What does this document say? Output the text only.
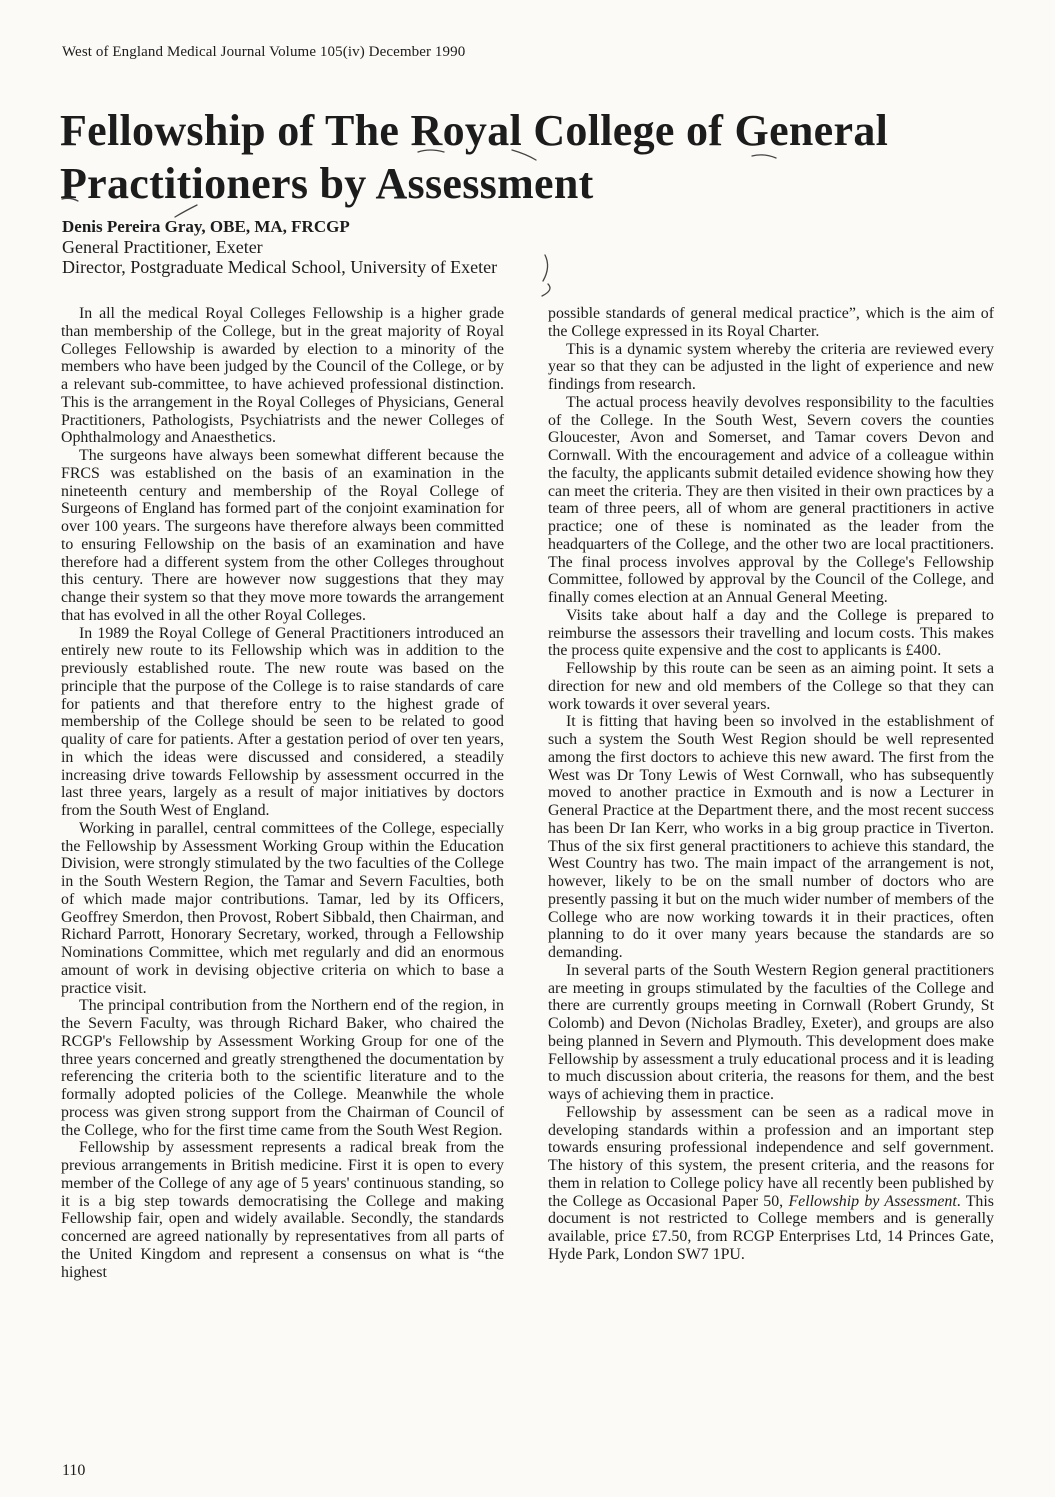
West of England Medical Journal Volume 105(iv) December 1990
Fellowship of The Royal College of General
Practitioners by Assessment
Denis Pereira Gray, OBE, MA, FRCGP
General Practitioner, Exeter
Director, Postgraduate Medical School, University of Exeter

In all the medical Royal Colleges Fellowship is a higher grade than membership of the College, but in the great majority of Royal Colleges Fellowship is awarded by election to a minority of the members who have been judged by the Council of the College, or by a relevant sub-committee, to have achieved professional distinction. This is the arrangement in the Royal Colleges of Physicians, General Practitioners, Pathologists, Psychiatrists and the newer Colleges of Ophthalmology and Anaesthetics.

The surgeons have always been somewhat different because the FRCS was established on the basis of an examination in the nineteenth century and membership of the Royal College of Surgeons of England has formed part of the conjoint examination for over 100 years. The surgeons have therefore always been committed to ensuring Fellowship on the basis of an examination and have therefore had a different system from the other Colleges throughout this century. There are however now suggestions that they may change their system so that they move more towards the arrangement that has evolved in all the other Royal Colleges.

In 1989 the Royal College of General Practitioners introduced an entirely new route to its Fellowship which was in addition to the previously established route. The new route was based on the principle that the purpose of the College is to raise standards of care for patients and that therefore entry to the highest grade of membership of the College should be seen to be related to good quality of care for patients. After a gestation period of over ten years, in which the ideas were discussed and considered, a steadily increasing drive towards Fellowship by assessment occurred in the last three years, largely as a result of major initiatives by doctors from the South West of England.

Working in parallel, central committees of the College, especially the Fellowship by Assessment Working Group within the Education Division, were strongly stimulated by the two faculties of the College in the South Western Region, the Tamar and Severn Faculties, both of which made major contributions. Tamar, led by its Officers, Geoffrey Smerdon, then Provost, Robert Sibbald, then Chairman, and Richard Parrott, Honorary Secretary, worked, through a Fellowship Nominations Committee, which met regularly and did an enormous amount of work in devising objective criteria on which to base a practice visit.

The principal contribution from the Northern end of the region, in the Severn Faculty, was through Richard Baker, who chaired the RCGP's Fellowship by Assessment Working Group for one of the three years concerned and greatly strengthened the documentation by referencing the criteria both to the scientific literature and to the formally adopted policies of the College. Meanwhile the whole process was given strong support from the Chairman of Council of the College, who for the first time came from the South West Region.

Fellowship by assessment represents a radical break from the previous arrangements in British medicine. First it is open to every member of the College of any age of 5 years' continuous standing, so it is a big step towards democratising the College and making Fellowship fair, open and widely available. Secondly, the standards concerned are agreed nationally by representatives from all parts of the United Kingdom and represent a consensus on what is “the highest

possible standards of general medical practice”, which is the aim of the College expressed in its Royal Charter.

This is a dynamic system whereby the criteria are reviewed every year so that they can be adjusted in the light of experience and new findings from research.

The actual process heavily devolves responsibility to the faculties of the College. In the South West, Severn covers the counties Gloucester, Avon and Somerset, and Tamar covers Devon and Cornwall. With the encouragement and advice of a colleague within the faculty, the applicants submit detailed evidence showing how they can meet the criteria. They are then visited in their own practices by a team of three peers, all of whom are general practitioners in active practice; one of these is nominated as the leader from the headquarters of the College, and the other two are local practitioners. The final process involves approval by the College's Fellowship Committee, followed by approval by the Council of the College, and finally comes election at an Annual General Meeting.

Visits take about half a day and the College is prepared to reimburse the assessors their travelling and locum costs. This makes the process quite expensive and the cost to applicants is £400.

Fellowship by this route can be seen as an aiming point. It sets a direction for new and old members of the College so that they can work towards it over several years.

It is fitting that having been so involved in the establishment of such a system the South West Region should be well represented among the first doctors to achieve this new award. The first from the West was Dr Tony Lewis of West Cornwall, who has subsequently moved to another practice in Exmouth and is now a Lecturer in General Practice at the Department there, and the most recent success has been Dr Ian Kerr, who works in a big group practice in Tiverton. Thus of the six first general practitioners to achieve this standard, the West Country has two. The main impact of the arrangement is not, however, likely to be on the small number of doctors who are presently passing it but on the much wider number of members of the College who are now working towards it in their practices, often planning to do it over many years because the standards are so demanding.

In several parts of the South Western Region general practitioners are meeting in groups stimulated by the faculties of the College and there are currently groups meeting in Cornwall (Robert Grundy, St Colomb) and Devon (Nicholas Bradley, Exeter), and groups are also being planned in Severn and Plymouth. This development does make Fellowship by assessment a truly educational process and it is leading to much discussion about criteria, the reasons for them, and the best ways of achieving them in practice.

Fellowship by assessment can be seen as a radical move in developing standards within a profession and an important step towards ensuring professional independence and self government. The history of this system, the present criteria, and the reasons for them in relation to College policy have all recently been published by the College as Occasional Paper 50, Fellowship by Assessment. This document is not restricted to College members and is generally available, price £7.50, from RCGP Enterprises Ltd, 14 Princes Gate, Hyde Park, London SW7 1PU.

110
